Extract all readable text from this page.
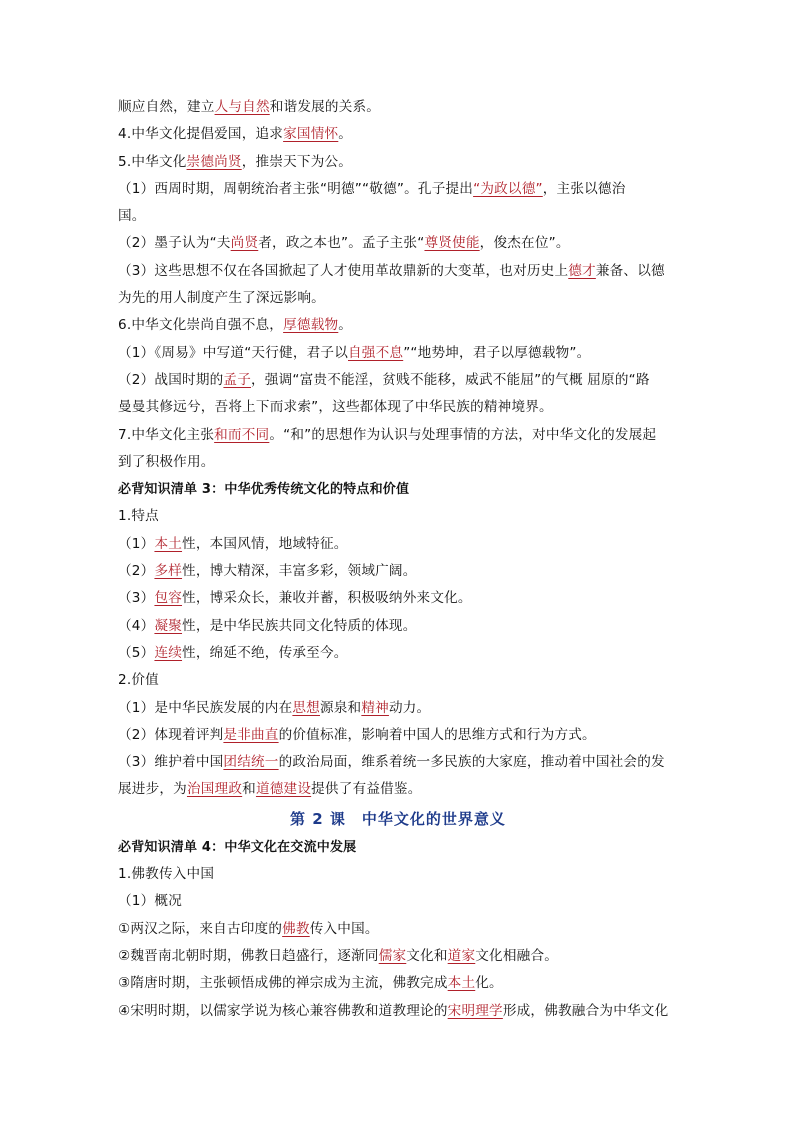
顺应自然，建立人与自然和谐发展的关系。
4.中华文化提倡爱国，追求家国情怀。
5.中华文化崇德尚贤，推崇天下为公。
（1）西周时期，周朝统治者主张“明德”“敬德”。孔子提出“为政以德”，主张以德治
国。
（2）墨子认为“夫尚贤者，政之本也”。孟子主张“尊贤使能，俊杰在位”。
（3）这些思想不仅在各国掀起了人才使用革故鼎新的大变革，也对历史上德才兼备、以德
为先的用人制度产生了深远影响。
6.中华文化崇尚自强不息，厚德载物。
（1）《周易》中写道“天行健，君子以自强不息”“地势坤，君子以厚德载物”。
（2）战国时期的孟子，强调“富贵不能淫，贫贱不能移，威武不能屈”的气概 屈原的“路
曼曼其修远兮，吾将上下而求索”，这些都体现了中华民族的精神境界。
7.中华文化主张和而不同。“和”的思想作为认识与处理事情的方法，对中华文化的发展起
到了积极作用。
必背知识清单 3：中华优秀传统文化的特点和价值
1.特点
（1）本土性，本国风情，地域特征。
（2）多样性，博大精深，丰富多彩，领域广阔。
（3）包容性，博采众长，兼收并蓄，积极吸纳外来文化。
（4）凝聚性，是中华民族共同文化特质的体现。
（5）连续性，绵延不绝，传承至今。
2.价值
（1）是中华民族发展的内在思想源泉和精神动力。
（2）体现着评判是非曲直的价值标准，影响着中国人的思维方式和行为方式。
（3）维护着中国团结统一的政治局面，维系着统一多民族的大家庭，推动着中国社会的发
展进步，为治国理政和道德建设提供了有益借鉴。
第 2 课　中华文化的世界意义
必背知识清单 4：中华文化在交流中发展
1.佛教传入中国
（1）概况
①两汉之际，来自古印度的佛教传入中国。
②魏晋南北朝时期，佛教日趋盛行，逐渐同儒家文化和道家文化相融合。
③隋唐时期，主张顿悟成佛的禅宗成为主流，佛教完成本土化。
④宋明时期，以儒家学说为核心兼容佛教和道教理论的宋明理学形成，佛教融合为中华文化
